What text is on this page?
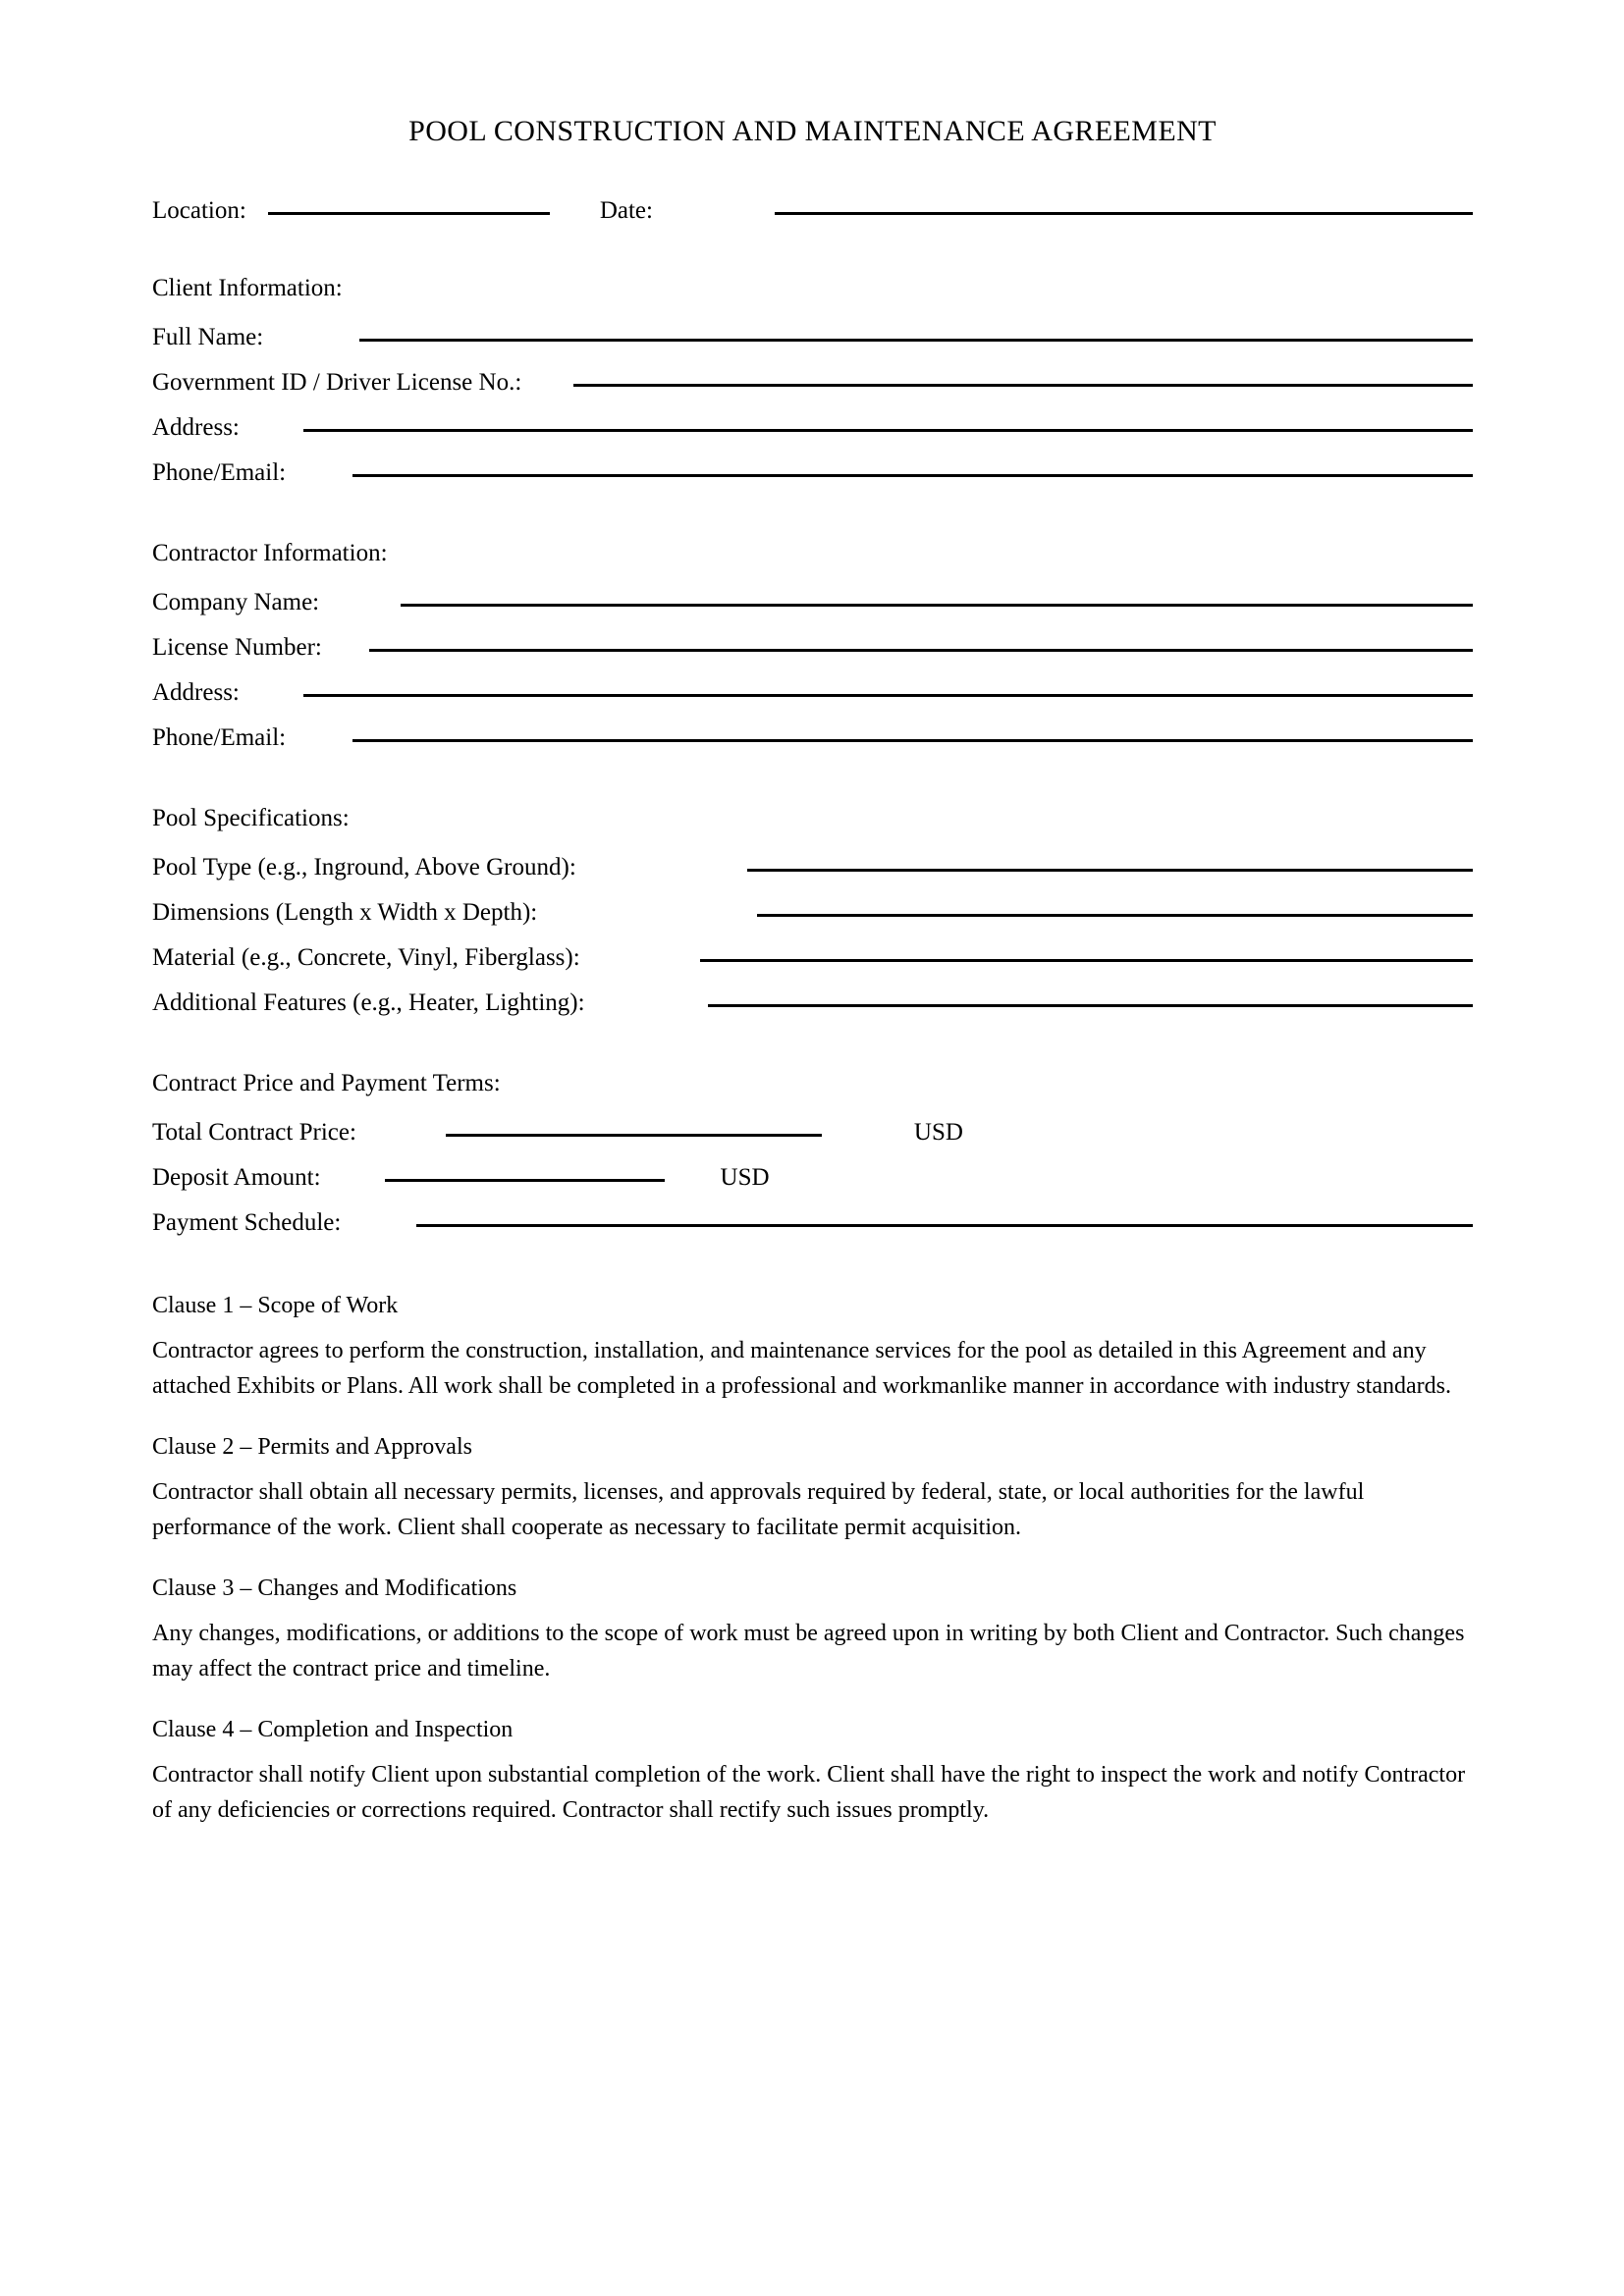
POOL CONSTRUCTION AND MAINTENANCE AGREEMENT
Location:	Date:
Client Information:
Full Name:
Government ID / Driver License No.:
Address:
Phone/Email:
Contractor Information:
Company Name:
License Number:
Address:
Phone/Email:
Pool Specifications:
Pool Type (e.g., Inground, Above Ground):
Dimensions (Length x Width x Depth):
Material (e.g., Concrete, Vinyl, Fiberglass):
Additional Features (e.g., Heater, Lighting):
Contract Price and Payment Terms:
Total Contract Price:	USD
Deposit Amount:	USD
Payment Schedule:
Clause 1 – Scope of Work
Contractor agrees to perform the construction, installation, and maintenance services for the pool as detailed in this Agreement and any attached Exhibits or Plans. All work shall be completed in a professional and workmanlike manner in accordance with industry standards.
Clause 2 – Permits and Approvals
Contractor shall obtain all necessary permits, licenses, and approvals required by federal, state, or local authorities for the lawful performance of the work. Client shall cooperate as necessary to facilitate permit acquisition.
Clause 3 – Changes and Modifications
Any changes, modifications, or additions to the scope of work must be agreed upon in writing by both Client and Contractor. Such changes may affect the contract price and timeline.
Clause 4 – Completion and Inspection
Contractor shall notify Client upon substantial completion of the work. Client shall have the right to inspect the work and notify Contractor of any deficiencies or corrections required. Contractor shall rectify such issues promptly.
